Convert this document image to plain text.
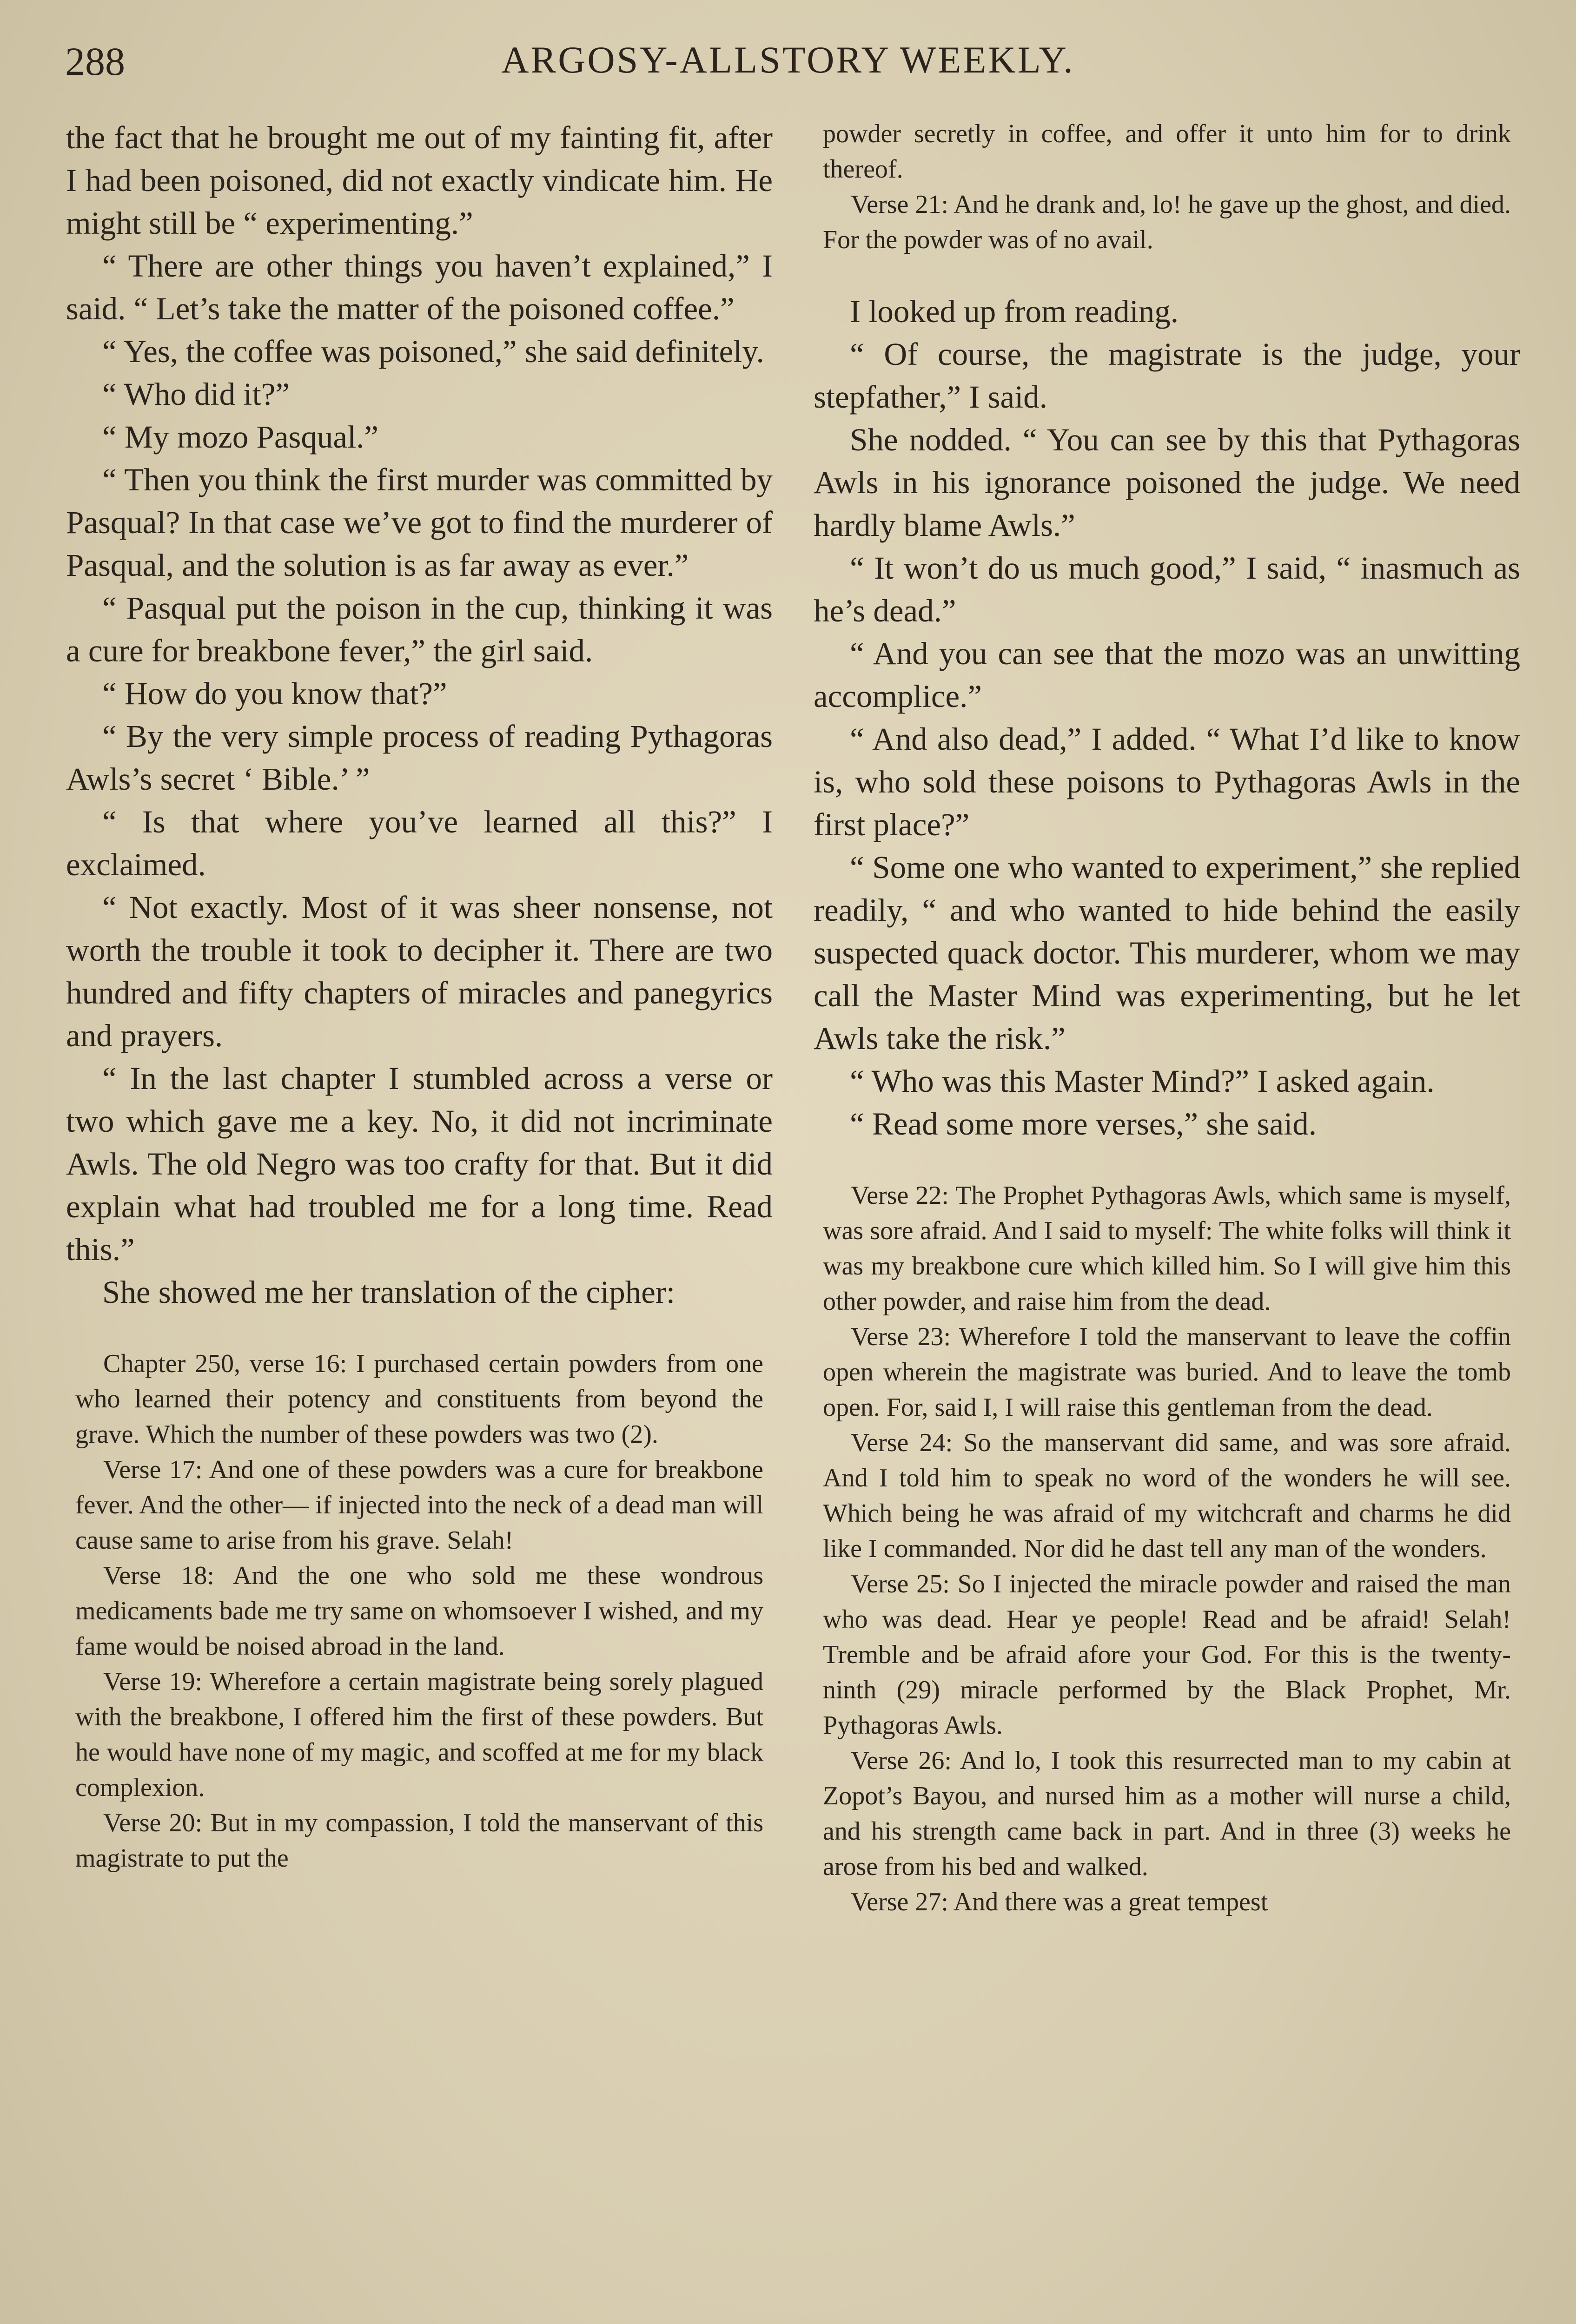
288	ARGOSY-ALLSTORY WEEKLY.

the fact that he brought me out of my fainting fit, after I had been poisoned, did not exactly vindicate him. He might still be “ experimenting.”

“ There are other things you haven’t explained,” I said. “ Let’s take the matter of the poisoned coffee.”

“ Yes, the coffee was poisoned,” she said definitely.

“ Who did it?”

“ My mozo Pasqual.”

“ Then you think the first murder was committed by Pasqual? In that case we’ve got to find the murderer of Pasqual, and the solution is as far away as ever.”

“ Pasqual put the poison in the cup, thinking it was a cure for breakbone fever,” the girl said.

“ How do you know that?”

“ By the very simple process of reading Pythagoras Awls’s secret ‘ Bible.’ ”

“ Is that where you’ve learned all this?” I exclaimed.

“ Not exactly. Most of it was sheer nonsense, not worth the trouble it took to decipher it. There are two hundred and fifty chapters of miracles and panegyrics and prayers.

“ In the last chapter I stumbled across a verse or two which gave me a key. No, it did not incriminate Awls. The old Negro was too crafty for that. But it did explain what had troubled me for a long time. Read this.”

She showed me her translation of the cipher:

Chapter 250, verse 16: I purchased certain powders from one who learned their potency and constituents from beyond the grave. Which the number of these powders was two (2).

Verse 17: And one of these powders was a cure for breakbone fever. And the other— if injected into the neck of a dead man will cause same to arise from his grave. Selah!

Verse 18: And the one who sold me these wondrous medicaments bade me try same on whomsoever I wished, and my fame would be noised abroad in the land.

Verse 19: Wherefore a certain magistrate being sorely plagued with the breakbone, I offered him the first of these powders. But he would have none of my magic, and scoffed at me for my black complexion.

Verse 20: But in my compassion, I told the manservant of this magistrate to put the

powder secretly in coffee, and offer it unto him for to drink thereof.

Verse 21: And he drank and, lo! he gave up the ghost, and died. For the powder was of no avail.

I looked up from reading.

“ Of course, the magistrate is the judge, your stepfather,” I said.

She nodded. “ You can see by this that Pythagoras Awls in his ignorance poisoned the judge. We need hardly blame Awls.”

“ It won’t do us much good,” I said, “ inasmuch as he’s dead.”

“ And you can see that the mozo was an unwitting accomplice.”

“ And also dead,” I added. “ What I’d like to know is, who sold these poisons to Pythagoras Awls in the first place?”

“ Some one who wanted to experiment,” she replied readily, “ and who wanted to hide behind the easily suspected quack doctor. This murderer, whom we may call the Master Mind was experimenting, but he let Awls take the risk.”

“ Who was this Master Mind?” I asked again.

“ Read some more verses,” she said.

Verse 22: The Prophet Pythagoras Awls, which same is myself, was sore afraid. And I said to myself: The white folks will think it was my breakbone cure which killed him. So I will give him this other powder, and raise him from the dead.

Verse 23: Wherefore I told the manservant to leave the coffin open wherein the magistrate was buried. And to leave the tomb open. For, said I, I will raise this gentleman from the dead.

Verse 24: So the manservant did same, and was sore afraid. And I told him to speak no word of the wonders he will see. Which being he was afraid of my witchcraft and charms he did like I commanded. Nor did he dast tell any man of the wonders.

Verse 25: So I injected the miracle powder and raised the man who was dead. Hear ye people! Read and be afraid! Selah! Tremble and be afraid afore your God. For this is the twenty-ninth (29) miracle performed by the Black Prophet, Mr. Pythagoras Awls.

Verse 26: And lo, I took this resurrected man to my cabin at Zopot’s Bayou, and nursed him as a mother will nurse a child, and his strength came back in part. And in three (3) weeks he arose from his bed and walked.

Verse 27: And there was a great tempest
